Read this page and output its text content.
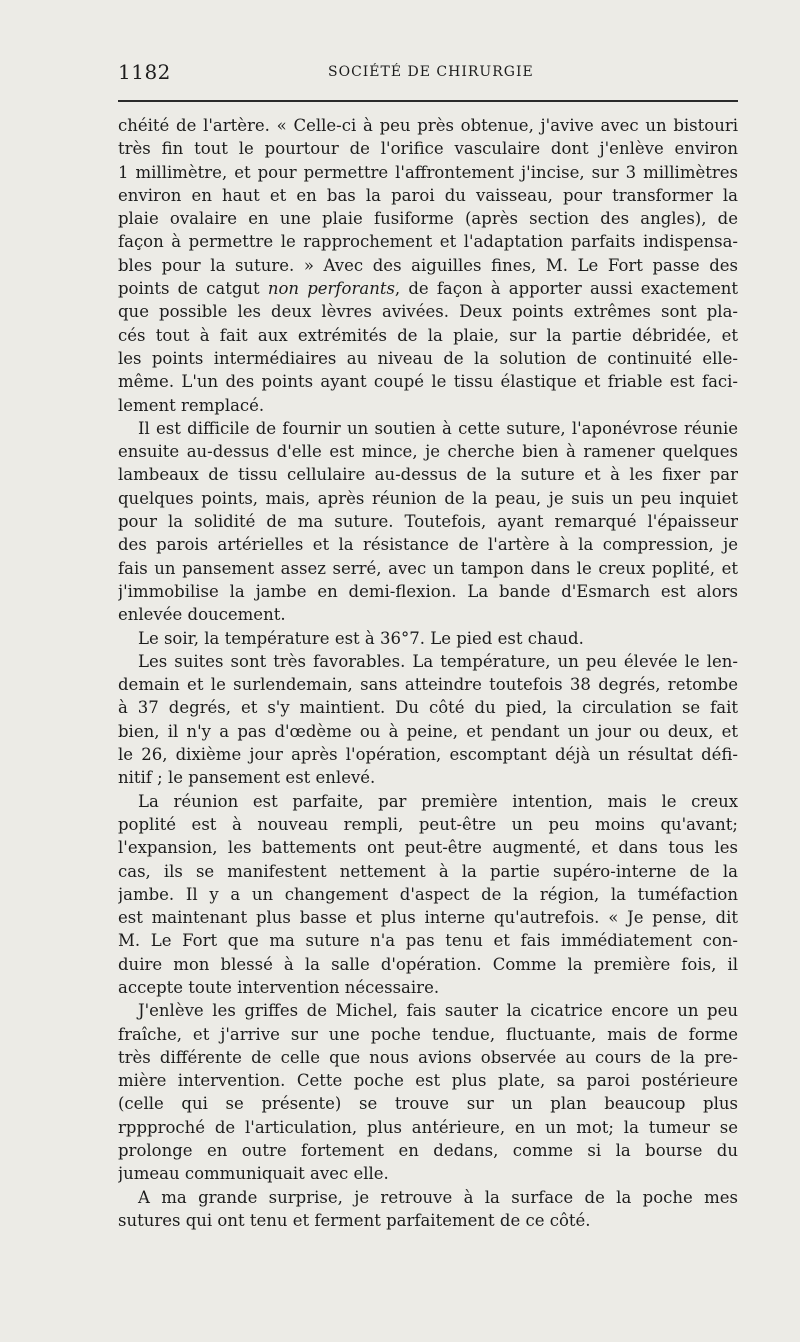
1182	SOCIÉTÉ DE CHIRURGIE
chéité de l'artère. « Celle-ci à peu près obtenue, j'avive avec un bistouri
très fin tout le pourtour de l'orifice vasculaire dont j'enlève environ
1 millimètre, et pour permettre l'affrontement j'incise, sur 3 millimètres
environ en haut et en bas la paroi du vaisseau, pour transformer la
plaie ovalaire en une plaie fusiforme (après section des angles), de
façon à permettre le rapprochement et l'adaptation parfaits indispensa-
bles pour la suture. » Avec des aiguilles fines, M. Le Fort passe des
points de catgut non perforants, de façon à apporter aussi exactement
que possible les deux lèvres avivées. Deux points extrêmes sont pla-
cés tout à fait aux extrémités de la plaie, sur la partie débridée, et
les points intermédiaires au niveau de la solution de continuité elle-
même. L'un des points ayant coupé le tissu élastique et friable est faci-
lement remplacé.
Il est difficile de fournir un soutien à cette suture, l'aponévrose réunie
ensuite au-dessus d'elle est mince, je cherche bien à ramener quelques
lambeaux de tissu cellulaire au-dessus de la suture et à les fixer par
quelques points, mais, après réunion de la peau, je suis un peu inquiet
pour la solidité de ma suture. Toutefois, ayant remarqué l'épaisseur
des parois artérielles et la résistance de l'artère à la compression, je
fais un pansement assez serré, avec un tampon dans le creux poplité, et
j'immobilise la jambe en demi-flexion. La bande d'Esmarch est alors
enlevée doucement.
Le soir, la température est à 36°7. Le pied est chaud.
Les suites sont très favorables. La température, un peu élevée le len-
demain et le surlendemain, sans atteindre toutefois 38 degrés, retombe
à 37 degrés, et s'y maintient. Du côté du pied, la circulation se fait
bien, il n'y a pas d'œdème ou à peine, et pendant un jour ou deux, et
le 26, dixième jour après l'opération, escomptant déjà un résultat défi-
nitif ; le pansement est enlevé.
La réunion est parfaite, par première intention, mais le creux
poplité est à nouveau rempli, peut-être un peu moins qu'avant;
l'expansion, les battements ont peut-être augmenté, et dans tous les
cas, ils se manifestent nettement à la partie supéro-interne de la
jambe. Il y a un changement d'aspect de la région, la tuméfaction
est maintenant plus basse et plus interne qu'autrefois. « Je pense, dit
M. Le Fort que ma suture n'a pas tenu et fais immédiatement con-
duire mon blessé à la salle d'opération. Comme la première fois, il
accepte toute intervention nécessaire.
J'enlève les griffes de Michel, fais sauter la cicatrice encore un peu
fraîche, et j'arrive sur une poche tendue, fluctuante, mais de forme
très différente de celle que nous avions observée au cours de la pre-
mière intervention. Cette poche est plus plate, sa paroi postérieure
(celle qui se présente) se trouve sur un plan beaucoup plus
rppproché de l'articulation, plus antérieure, en un mot; la tumeur se
prolonge en outre fortement en dedans, comme si la bourse du
jumeau communiquait avec elle.
A ma grande surprise, je retrouve à la surface de la poche mes
sutures qui ont tenu et ferment parfaitement de ce côté.
